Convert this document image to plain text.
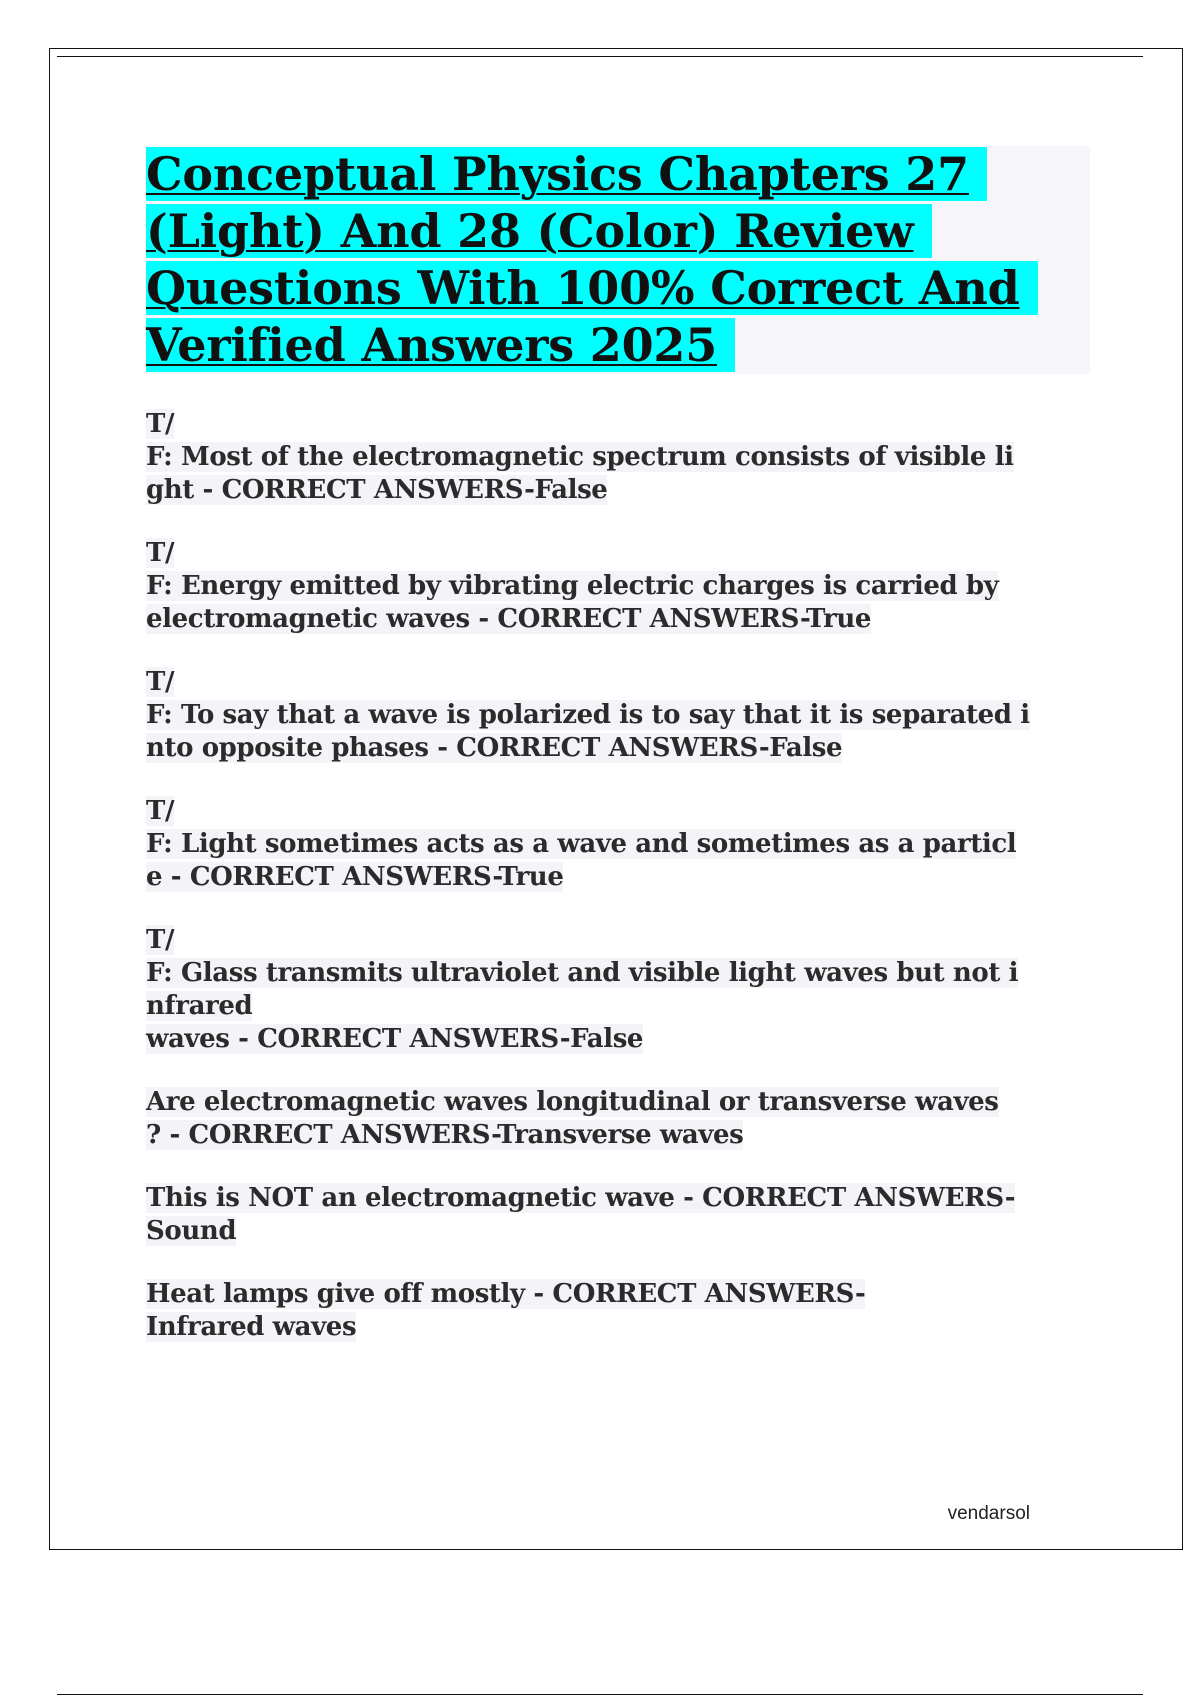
Conceptual Physics Chapters 27
(Light) And 28 (Color) Review
Questions With 100% Correct And
Verified Answers 2025
T/
F: Most of the electromagnetic spectrum consists of visible li
ght - CORRECT ANSWERS-False
T/
F: Energy emitted by vibrating electric charges is carried by
electromagnetic waves - CORRECT ANSWERS-True
T/
F: To say that a wave is polarized is to say that it is separated i
nto opposite phases - CORRECT ANSWERS-False
T/
F: Light sometimes acts as a wave and sometimes as a particl
e - CORRECT ANSWERS-True
T/
F: Glass transmits ultraviolet and visible light waves but not i
nfrared
waves - CORRECT ANSWERS-False
Are electromagnetic waves longitudinal or transverse waves
? - CORRECT ANSWERS-Transverse waves
This is NOT an electromagnetic wave - CORRECT ANSWERS-
Sound
Heat lamps give off mostly - CORRECT ANSWERS-
Infrared waves
vendarsol
